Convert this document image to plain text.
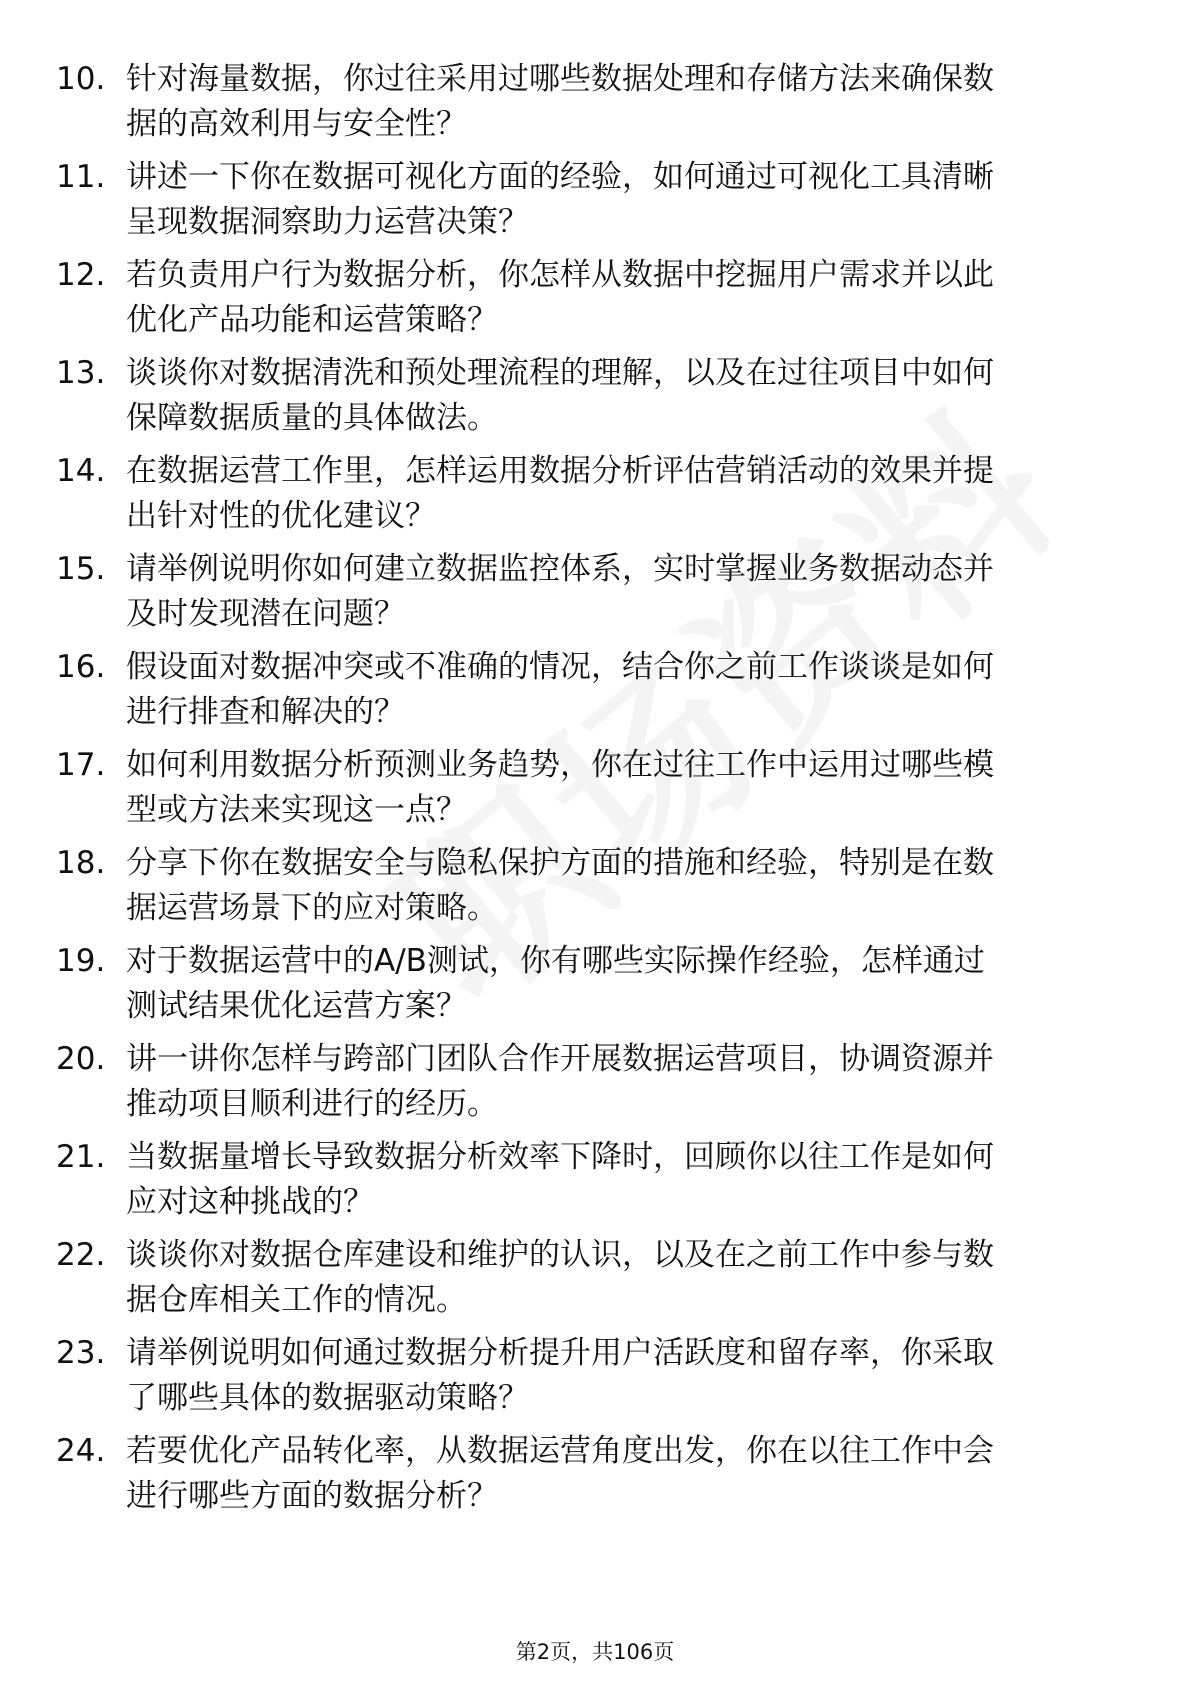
10. 针对海量数据，你过往采用过哪些数据处理和存储方法来确保数
据的高效利用与安全性？
11. 讲述一下你在数据可视化方面的经验，如何通过可视化工具清晰
呈现数据洞察助力运营决策？
12. 若负责用户行为数据分析，你怎样从数据中挖掘用户需求并以此
优化产品功能和运营策略？
13. 谈谈你对数据清洗和预处理流程的理解，以及在过往项目中如何
保障数据质量的具体做法。
14. 在数据运营工作里，怎样运用数据分析评估营销活动的效果并提
出针对性的优化建议？
15. 请举例说明你如何建立数据监控体系，实时掌握业务数据动态并
及时发现潜在问题？
16. 假设面对数据冲突或不准确的情况，结合你之前工作谈谈是如何
进行排查和解决的？
17. 如何利用数据分析预测业务趋势，你在过往工作中运用过哪些模
型或方法来实现这一点？
18. 分享下你在数据安全与隐私保护方面的措施和经验，特别是在数
据运营场景下的应对策略。
19. 对于数据运营中的A/B测试，你有哪些实际操作经验，怎样通过
测试结果优化运营方案？
20. 讲一讲你怎样与跨部门团队合作开展数据运营项目，协调资源并
推动项目顺利进行的经历。
21. 当数据量增长导致数据分析效率下降时，回顾你以往工作是如何
应对这种挑战的？
22. 谈谈你对数据仓库建设和维护的认识，以及在之前工作中参与数
据仓库相关工作的情况。
23. 请举例说明如何通过数据分析提升用户活跃度和留存率，你采取
了哪些具体的数据驱动策略？
24. 若要优化产品转化率，从数据运营角度出发，你在以往工作中会
进行哪些方面的数据分析？
第2页，共106页
